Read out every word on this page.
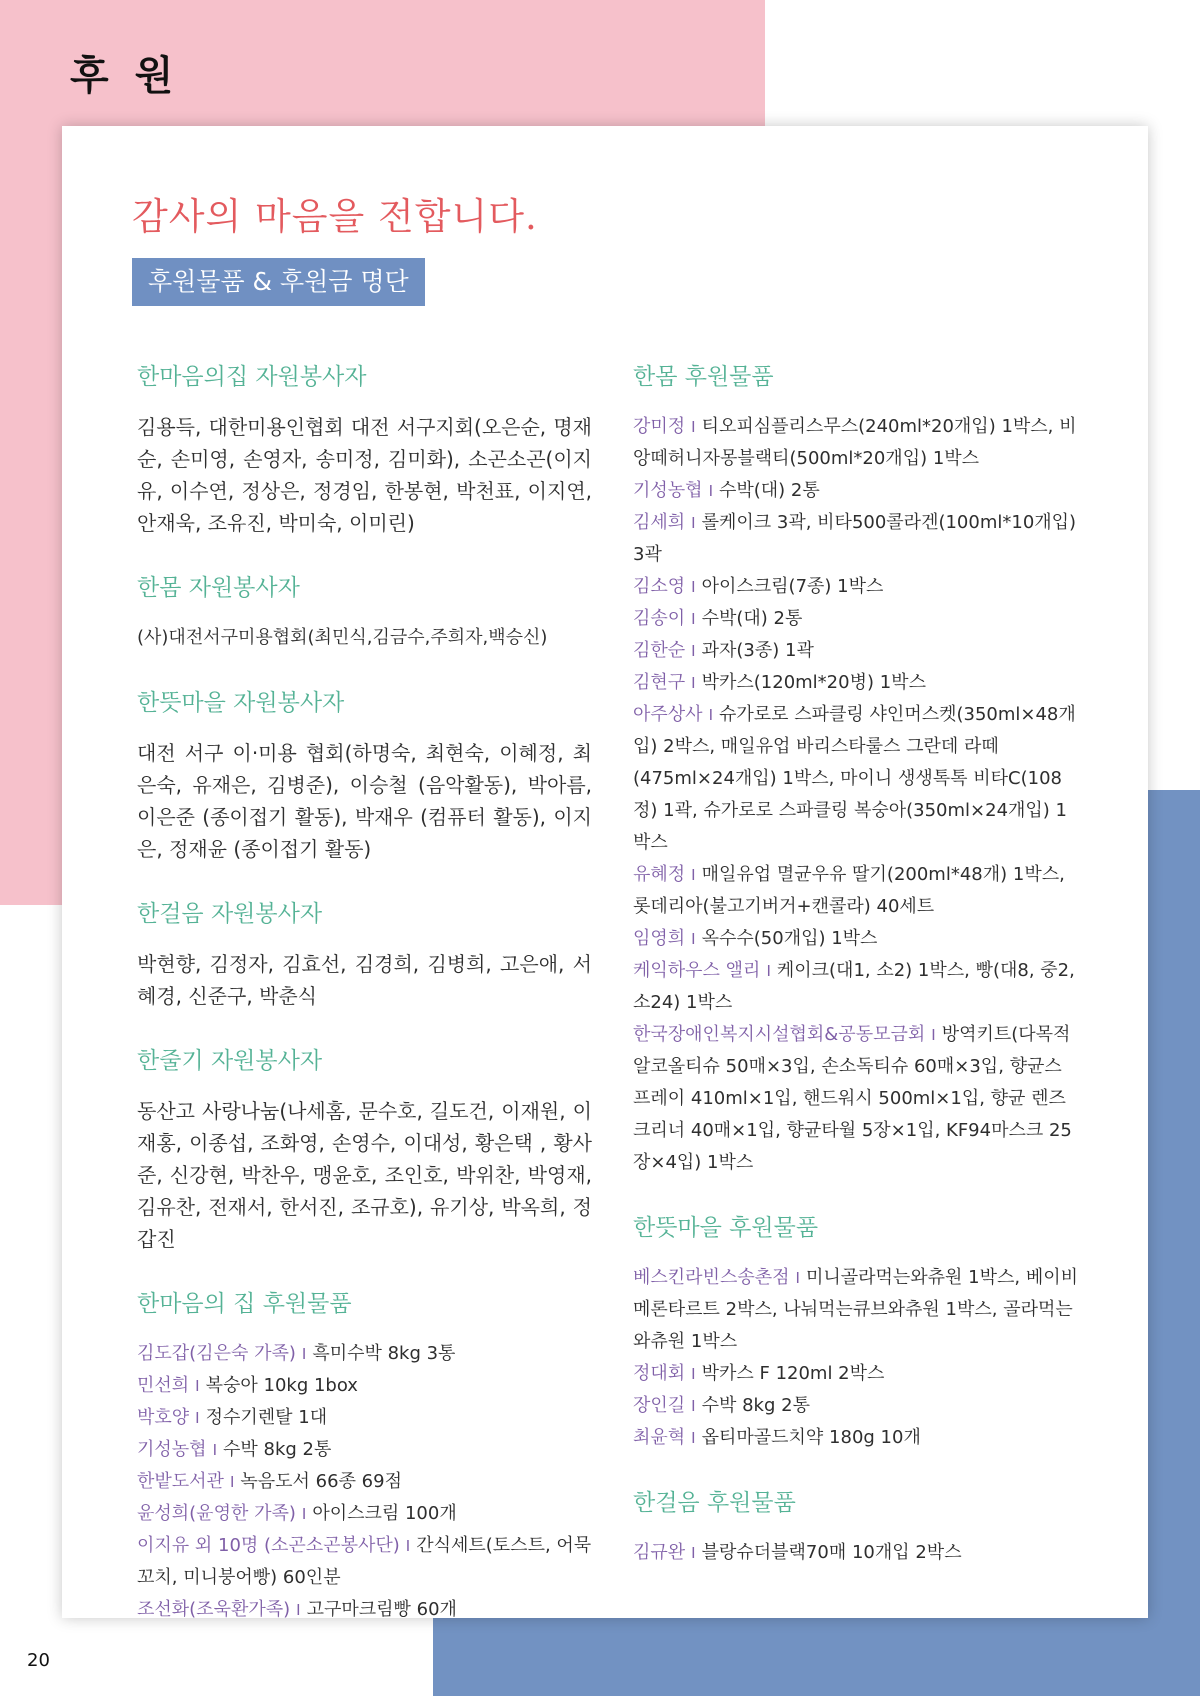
후 원
감사의 마음을 전합니다.
후원물품 & 후원금 명단
한마음의집 자원봉사자

김용득, 대한미용인협회 대전 서구지회(오은순, 명재순, 손미영, 손영자, 송미정, 김미화), 소곤소곤(이지유, 이수연, 정상은, 정경임, 한봉현, 박천표, 이지연, 안재욱, 조유진, 박미숙, 이미린)

한몸 자원봉사자

(사)대전서구미용협회(최민식,김금수,주희자,백승신)

한뜻마을 자원봉사자

대전 서구 이·미용 협회(하명숙, 최현숙, 이혜정, 최은숙, 유재은, 김병준), 이승철 (음악활동), 박아름, 이은준 (종이접기 활동), 박재우 (컴퓨터 활동), 이지은, 정재윤 (종이접기 활동)

한걸음 자원봉사자

박현향, 김정자, 김효선, 김경희, 김병희, 고은애, 서혜경, 신준구, 박춘식

한줄기 자원봉사자

동산고 사랑나눔(나세홈, 문수호, 길도건, 이재원, 이재홍, 이종섭, 조화영, 손영수, 이대성, 황은택 , 황사준, 신강현, 박찬우, 맹윤호, 조인호, 박위찬, 박영재, 김유찬, 전재서, 한서진, 조규호), 유기상, 박옥희, 정갑진

한마음의 집 후원물품
김도갑(김은숙 가족) I 흑미수박 8kg 3통
민선희 I 복숭아 10kg 1box
박호양 I 정수기렌탈 1대
기성농협 I 수박 8kg 2통
한밭도서관 I 녹음도서 66종 69점
윤성희(윤영한 가족) I 아이스크림 100개
이지유 외 10명 (소곤소곤봉사단) I 간식세트(토스트, 어묵꼬치, 미니붕어빵) 60인분
조선화(조욱환가족) I 고구마크림빵 60개
한몸 후원물품
강미정 I 티오피심플리스무스(240ml*20개입) 1박스, 비앙떼허니자몽블랙티(500ml*20개입) 1박스
기성농협 I 수박(대) 2통
김세희 I 롤케이크 3곽, 비타500콜라겐(100ml*10개입) 3곽
김소영 I 아이스크림(7종) 1박스
김송이 I 수박(대) 2통
김한순 I 과자(3종) 1곽
김현구 I 박카스(120ml*20병) 1박스
아주상사 I 슈가로로 스파클링 샤인머스켓(350ml×48개입) 2박스, 매일유업 바리스타룰스 그란데 라떼(475ml×24개입) 1박스, 마이니 생생톡톡 비타C(108정) 1곽, 슈가로로 스파클링 복숭아(350ml×24개입) 1박스
유혜정 I 매일유업 멸균우유 딸기(200ml*48개) 1박스, 롯데리아(불고기버거+캔콜라) 40세트
임영희 I 옥수수(50개입) 1박스
케익하우스 앨리 I 케이크(대1, 소2) 1박스, 빵(대8, 중2, 소24) 1박스
한국장애인복지시설협회&공동모금회 I 방역키트(다목적 알코올티슈 50매×3입, 손소독티슈 60매×3입, 향균스프레이 410ml×1입, 핸드워시 500ml×1입, 향균 렌즈크리너 40매×1입, 향균타월 5장×1입, KF94마스크 25장×4입) 1박스
한뜻마을 후원물품
베스킨라빈스송촌점 I 미니골라먹는와츄원 1박스, 베이비 메론타르트 2박스, 나눠먹는큐브와츄원 1박스, 골라먹는 와츄원 1박스
정대회 I 박카스 F 120ml 2박스
장인길 I 수박 8kg 2통
최윤혁 I 옵티마골드치약 180g 10개
한걸음 후원물품
김규완 I 블랑슈더블랙70매 10개입 2박스
20
